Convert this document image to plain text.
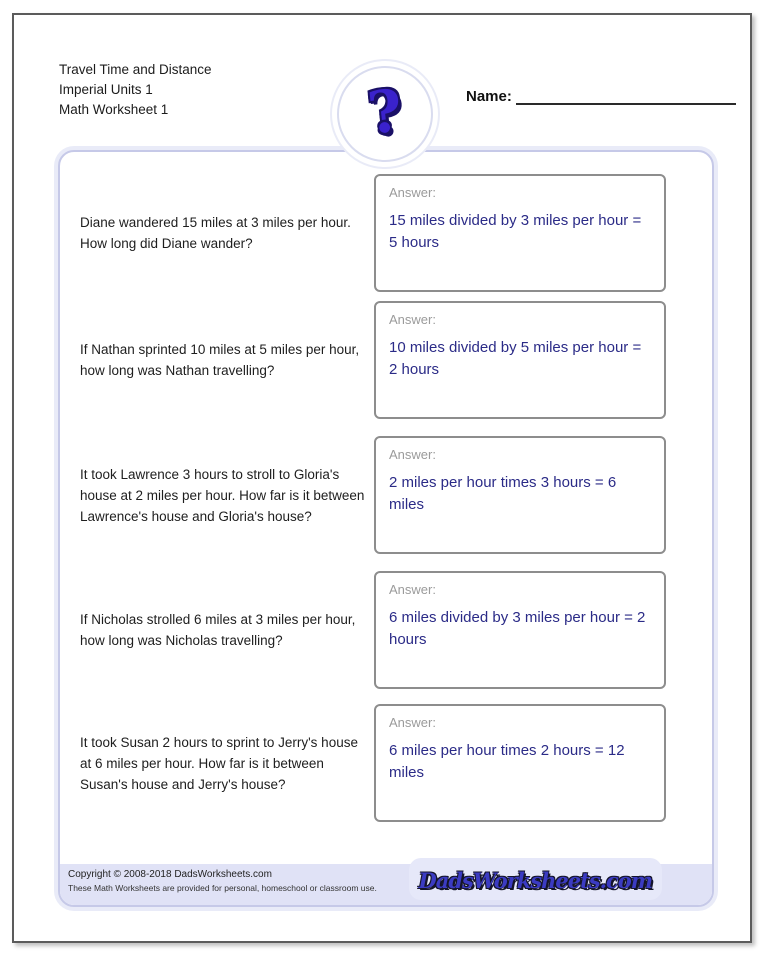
Travel Time and Distance
Imperial Units 1
Math Worksheet 1	?	Name:
Diane wandered 15 miles at 3 miles per hour. How long did Diane wander?
Answer:
15 miles divided by 3 miles per hour = 5 hours
If Nathan sprinted 10 miles at 5 miles per hour, how long was Nathan travelling?
Answer:
10 miles divided by 5 miles per hour = 2 hours
It took Lawrence 3 hours to stroll to Gloria's house at 2 miles per hour. How far is it between Lawrence's house and Gloria's house?
Answer:
2 miles per hour times 3 hours = 6 miles
If Nicholas strolled 6 miles at 3 miles per hour, how long was Nicholas travelling?
Answer:
6 miles divided by 3 miles per hour = 2 hours
It took Susan 2 hours to sprint to Jerry's house at 6 miles per hour. How far is it between Susan's house and Jerry's house?
Answer:
6 miles per hour times 2 hours = 12 miles
Copyright © 2008-2018 DadsWorksheets.com
These Math Worksheets are provided for personal, homeschool or classroom use. DadsWorksheets.com
